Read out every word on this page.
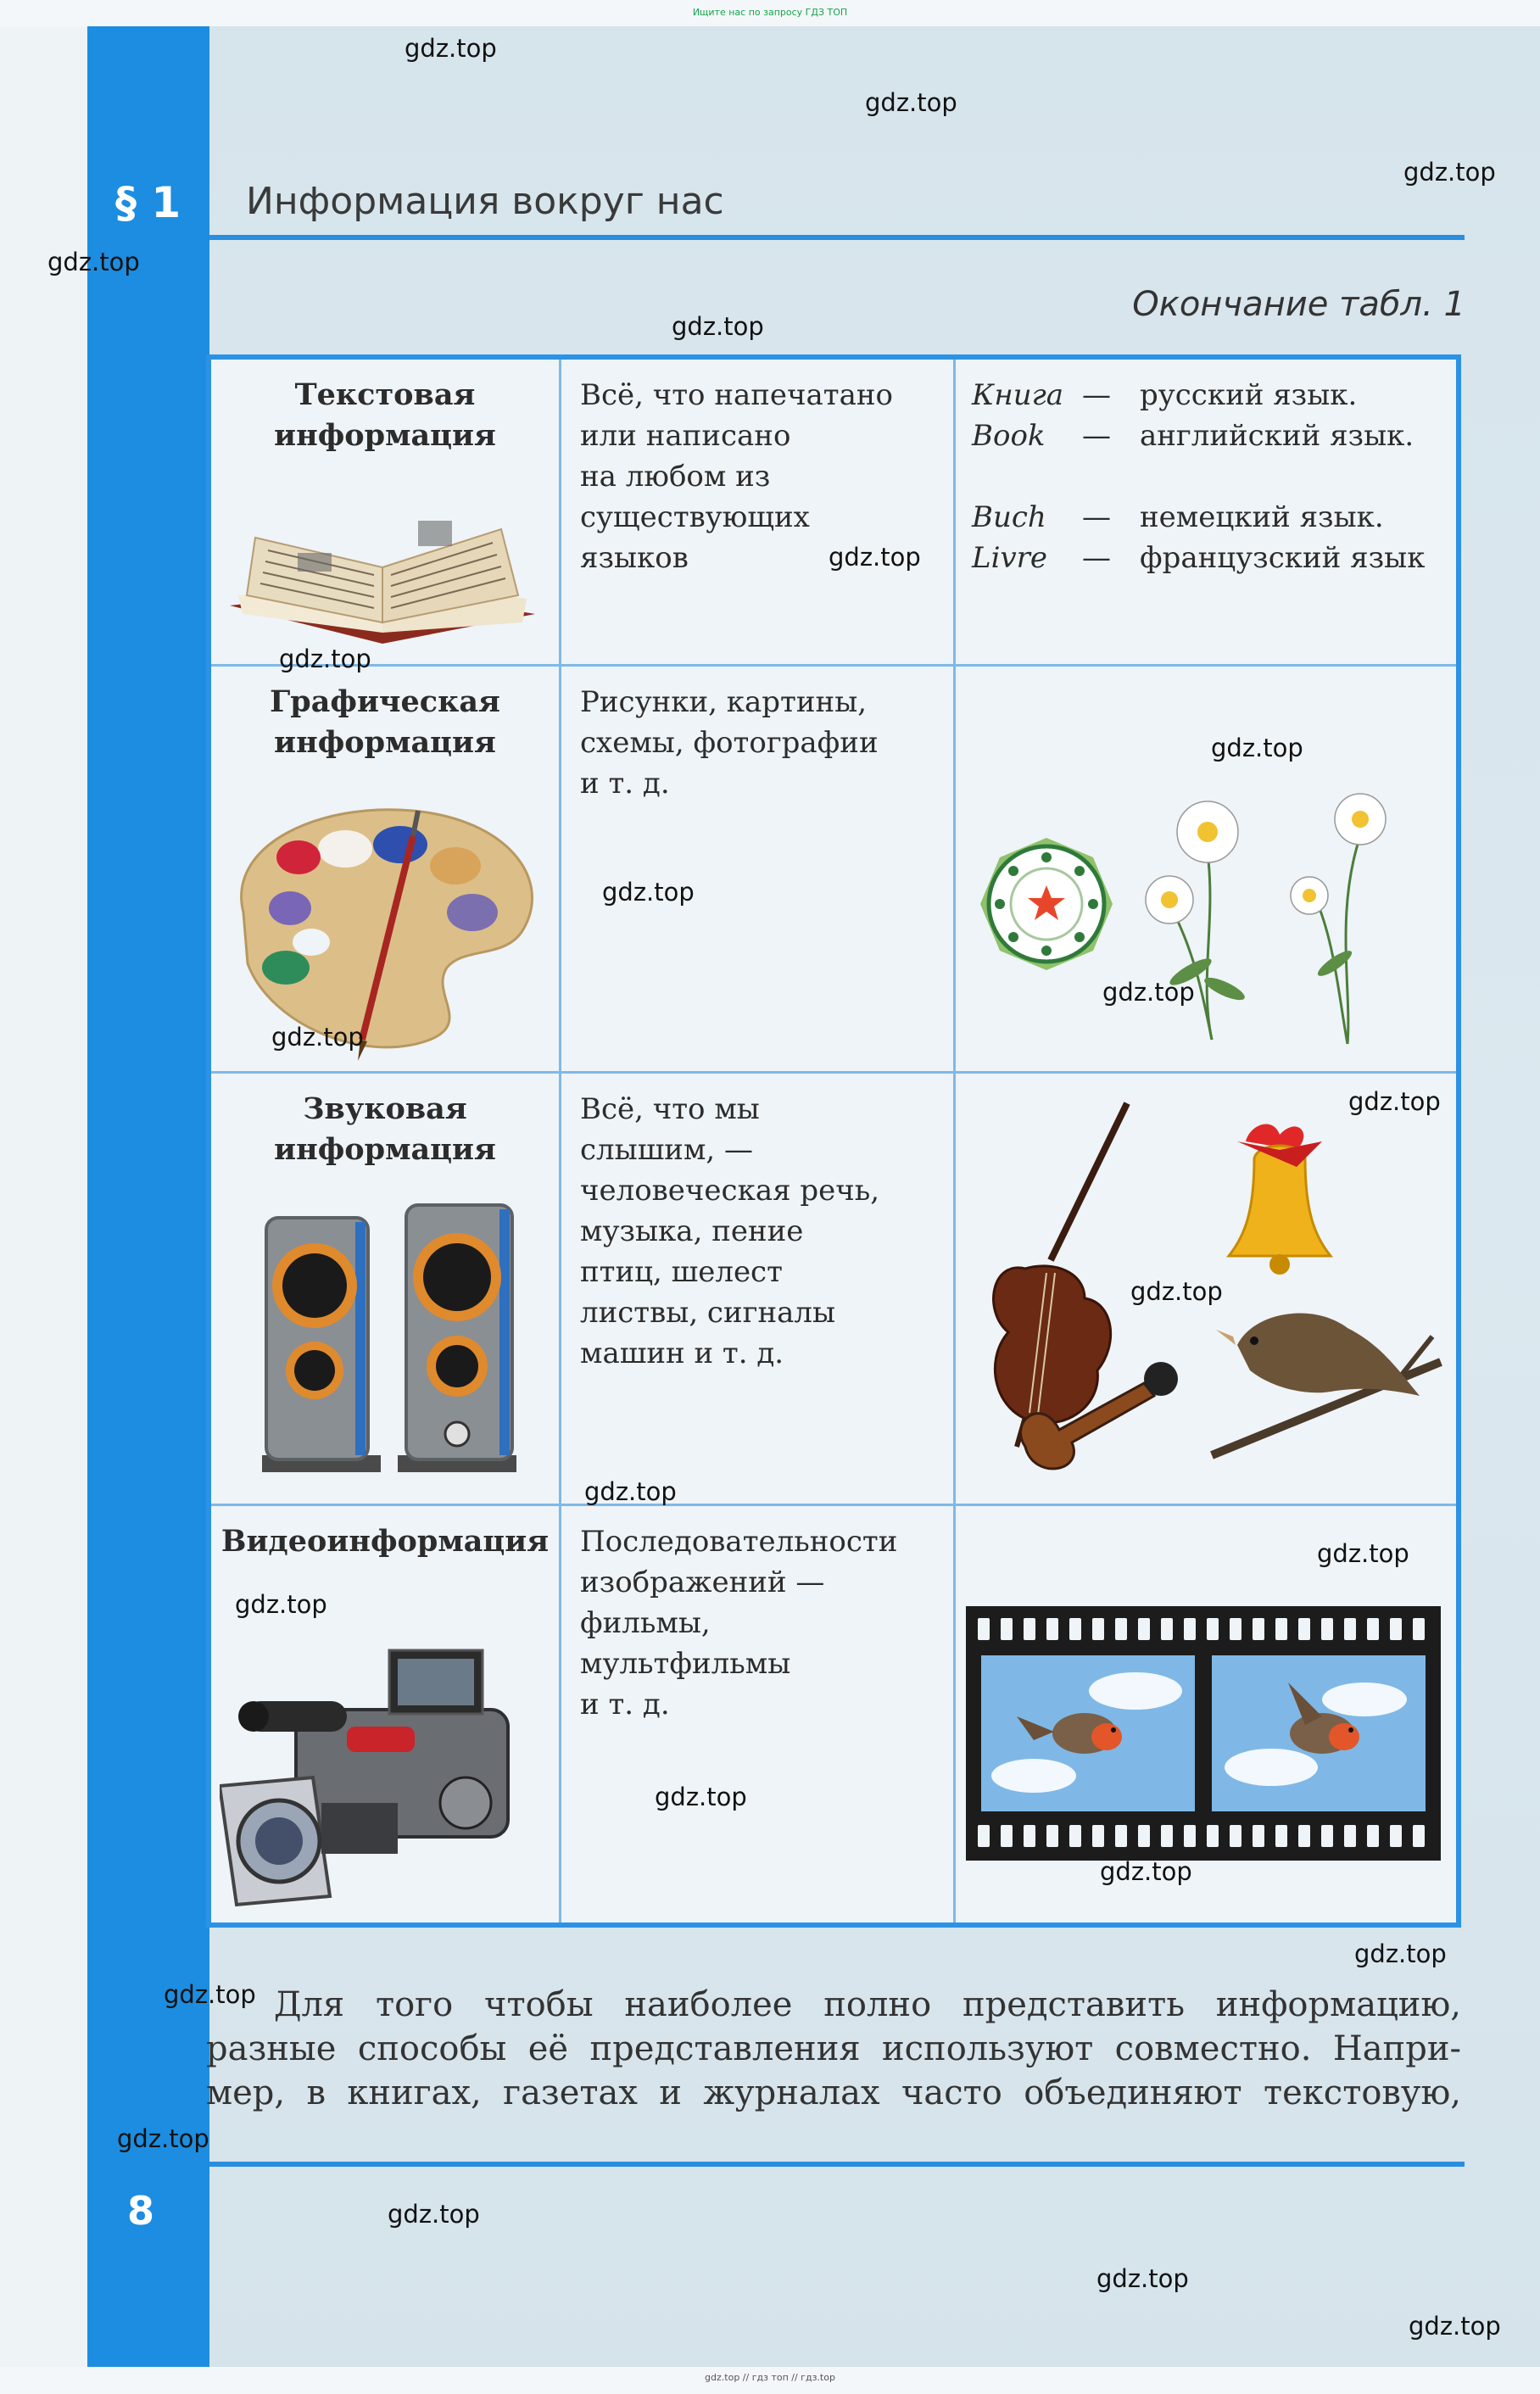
Ищите нас по запросу ГДЗ ТОП
§ 1 Информация вокруг нас
Окончание табл. 1
Текстовая
информация
Всё, что напечатано
или написано
на любом из
существующих
языков
Книга — русский язык.
Book — английский язык.
Buch — немецкий язык.
Livre — французский язык
Графическая
информация
Рисунки, картины,
схемы, фотографии
и т. д.
Звуковая
информация
Всё, что мы
слышим, —
человеческая речь,
музыка, пение
птиц, шелест
листвы, сигналы
машин и т. д.
Видеоинформация	Последовательности
изображений —
фильмы,
мультфильмы
и т. д.
Для того чтобы наиболее полно представить информацию,
разные способы её представления используют совместно. Напри-
мер, в книгах, газетах и журналах часто объединяют текстовую,
8
gdz.top
gdz.top
gdz.top
gdz.top
gdz.top
gdz.top
gdz.top
gdz.top
gdz.top
gdz.top
gdz.top
gdz.top
gdz.top
gdz.top
gdz.top
gdz.top
gdz.top
gdz.top
gdz.top
gdz.top
gdz.top
gdz.top
gdz.top
gdz.top
gdz.top // гдз топ // гдз.top
